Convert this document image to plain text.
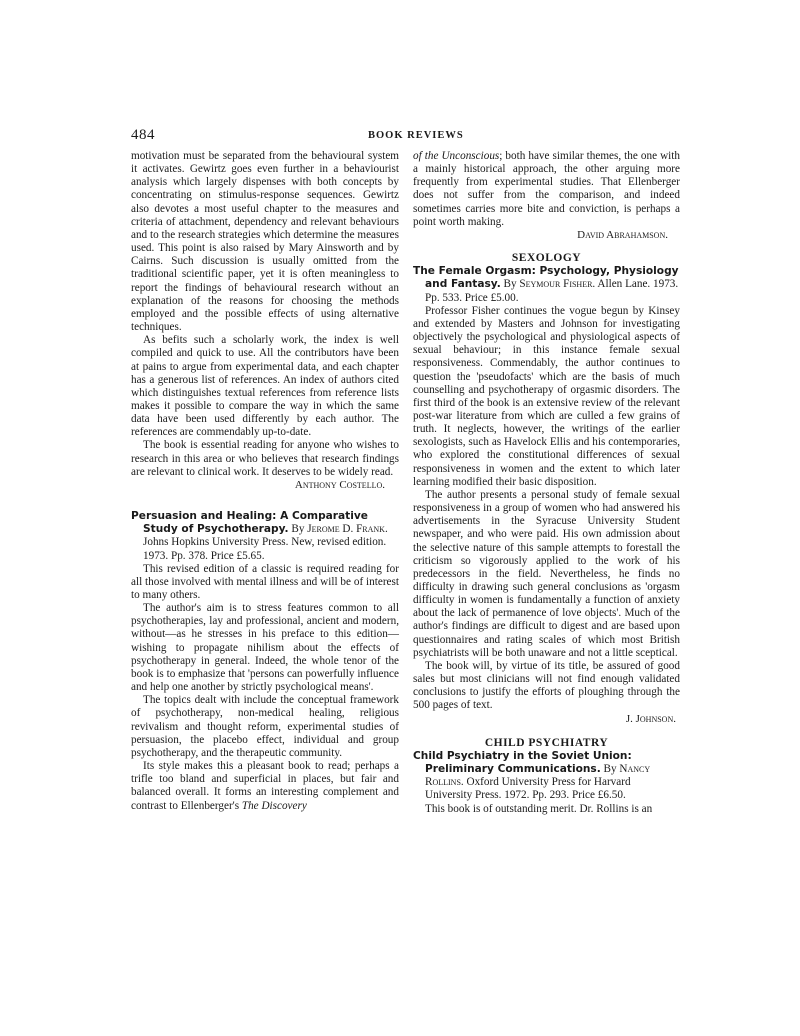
484	BOOK REVIEWS

motivation must be separated from the behavioural system it activates. Gewirtz goes even further in a behaviourist analysis which largely dispenses with both concepts by concentrating on stimulus-response sequences. Gewirtz also devotes a most useful chapter to the measures and criteria of attachment, dependency and relevant behaviours and to the research strategies which determine the measures used. This point is also raised by Mary Ainsworth and by Cairns. Such discussion is usually omitted from the traditional scientific paper, yet it is often meaningless to report the findings of behavioural research without an explanation of the reasons for choosing the methods employed and the possible effects of using alternative techniques.

As befits such a scholarly work, the index is well compiled and quick to use. All the contributors have been at pains to argue from experimental data, and each chapter has a generous list of references. An index of authors cited which distinguishes textual references from reference lists makes it possible to compare the way in which the same data have been used differently by each author. The references are commendably up-to-date.

The book is essential reading for anyone who wishes to research in this area or who believes that research findings are relevant to clinical work. It deserves to be widely read.

Anthony Costello.

Persuasion and Healing: A Comparative Study of Psychotherapy. By Jerome D. Frank. Johns Hopkins University Press. New, revised edition. 1973. Pp. 378. Price £5.65.

This revised edition of a classic is required reading for all those involved with mental illness and will be of interest to many others.

The author's aim is to stress features common to all psychotherapies, lay and professional, ancient and modern, without—as he stresses in his preface to this edition—wishing to propagate nihilism about the effects of psychotherapy in general. Indeed, the whole tenor of the book is to emphasize that 'persons can powerfully influence and help one another by strictly psychological means'.

The topics dealt with include the conceptual framework of psychotherapy, non-medical healing, religious revivalism and thought reform, experimental studies of persuasion, the placebo effect, individual and group psychotherapy, and the therapeutic community.

Its style makes this a pleasant book to read; perhaps a trifle too bland and superficial in places, but fair and balanced overall. It forms an interesting complement and contrast to Ellenberger's The Discovery

of the Unconscious; both have similar themes, the one with a mainly historical approach, the other arguing more frequently from experimental studies. That Ellenberger does not suffer from the comparison, and indeed sometimes carries more bite and conviction, is perhaps a point worth making.

David Abrahamson.
SEXOLOGY

The Female Orgasm: Psychology, Physiology and Fantasy. By Seymour Fisher. Allen Lane. 1973. Pp. 533. Price £5.00.

Professor Fisher continues the vogue begun by Kinsey and extended by Masters and Johnson for investigating objectively the psychological and physiological aspects of sexual behaviour; in this instance female sexual responsiveness. Commendably, the author continues to question the 'pseudofacts' which are the basis of much counselling and psychotherapy of orgasmic disorders. The first third of the book is an extensive review of the relevant post-war literature from which are culled a few grains of truth. It neglects, however, the writings of the earlier sexologists, such as Havelock Ellis and his contemporaries, who explored the constitutional differences of sexual responsiveness in women and the extent to which later learning modified their basic disposition.

The author presents a personal study of female sexual responsiveness in a group of women who had answered his advertisements in the Syracuse University Student newspaper, and who were paid. His own admission about the selective nature of this sample attempts to forestall the criticism so vigorously applied to the work of his predecessors in the field. Nevertheless, he finds no difficulty in drawing such general conclusions as 'orgasm difficulty in women is fundamentally a function of anxiety about the lack of permanence of love objects'. Much of the author's findings are difficult to digest and are based upon questionnaires and rating scales of which most British psychiatrists will be both unaware and not a little sceptical.

The book will, by virtue of its title, be assured of good sales but most clinicians will not find enough validated conclusions to justify the efforts of ploughing through the 500 pages of text.

J. Johnson.
CHILD PSYCHIATRY

Child Psychiatry in the Soviet Union: Preliminary Communications. By Nancy Rollins. Oxford University Press for Harvard University Press. 1972. Pp. 293. Price £6.50.

This book is of outstanding merit. Dr. Rollins is an
